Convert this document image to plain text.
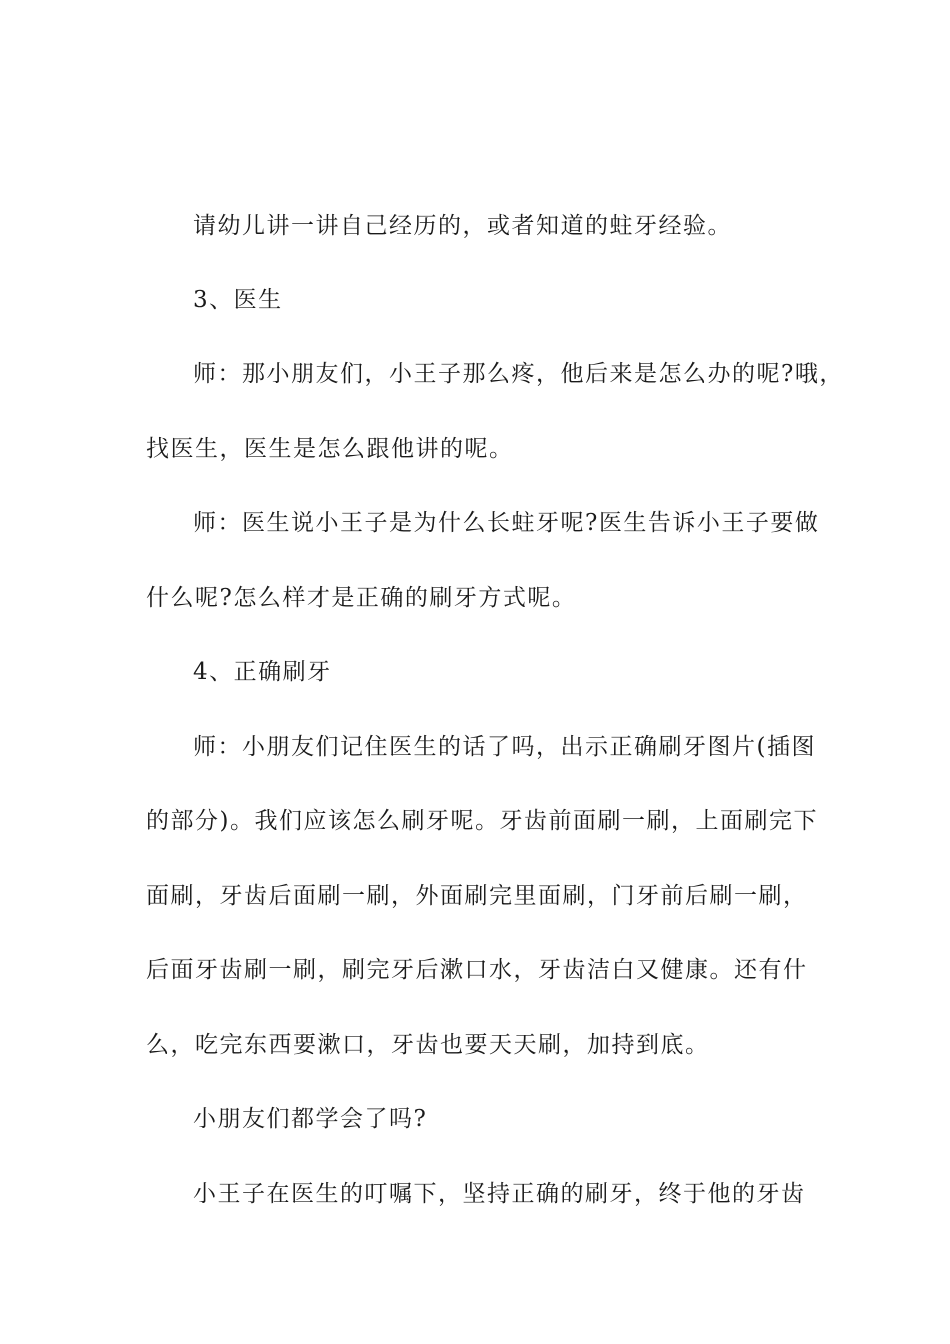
请幼儿讲一讲自己经历的，或者知道的蛀牙经验。
3、医生
师：那小朋友们，小王子那么疼，他后来是怎么办的呢?哦，
找医生，医生是怎么跟他讲的呢。
师：医生说小王子是为什么长蛀牙呢?医生告诉小王子要做
什么呢?怎么样才是正确的刷牙方式呢。
4、正确刷牙
师：小朋友们记住医生的话了吗，出示正确刷牙图片(插图
的部分)。我们应该怎么刷牙呢。牙齿前面刷一刷，上面刷完下
面刷，牙齿后面刷一刷，外面刷完里面刷，门牙前后刷一刷，
后面牙齿刷一刷，刷完牙后漱口水，牙齿洁白又健康。还有什
么，吃完东西要漱口，牙齿也要天天刷，加持到底。
小朋友们都学会了吗?
小王子在医生的叮嘱下，坚持正确的刷牙，终于他的牙齿
